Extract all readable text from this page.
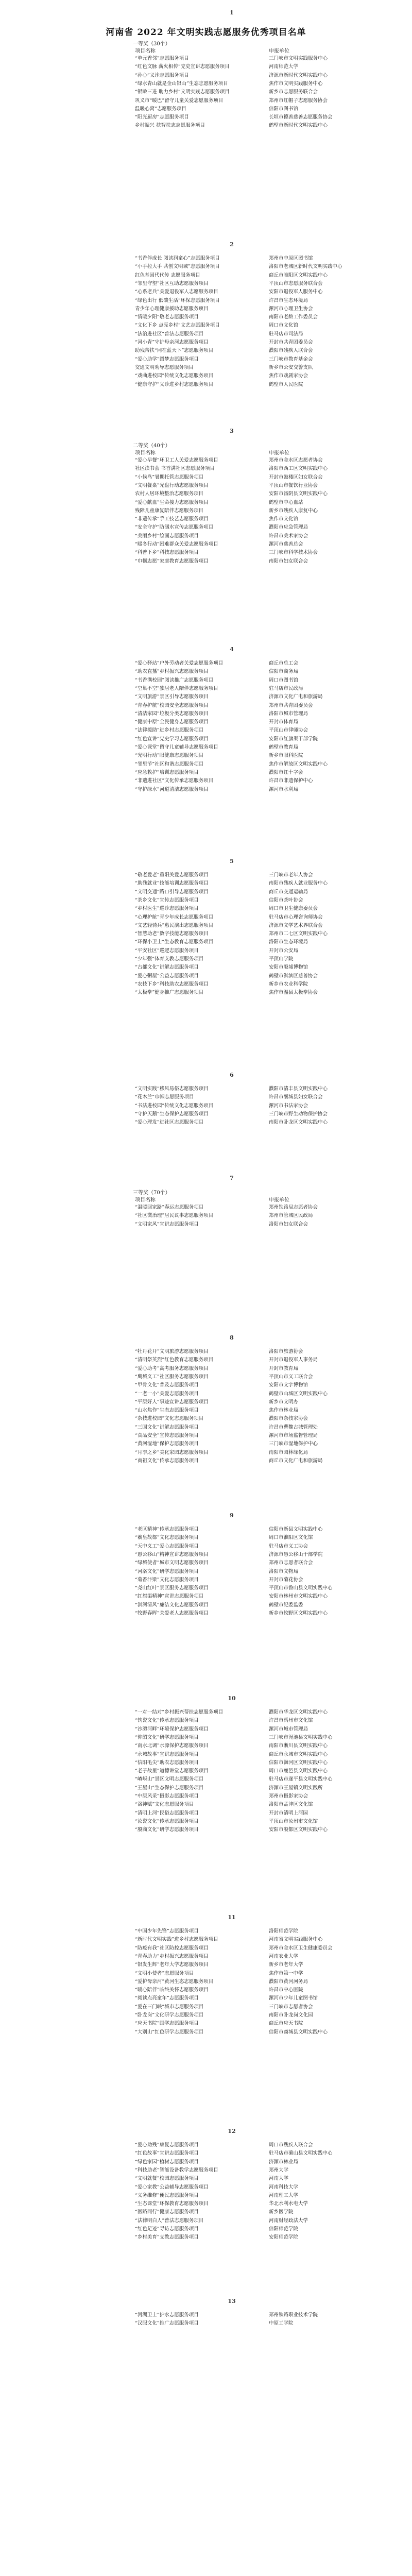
1
河南省 2022 年文明实践志愿服务优秀项目名单
一等奖（30个）
项目名称	申报单位
“单元香邻”志愿服务项目	三门峡市文明实践服务中心
“红色文脉 薪火相传”党史宣讲志愿服务项目	河南师范大学
“孙心”义诊志愿服务项目	济源市新时代文明实践中心
“绿水青山就是金山银山”生态志愿服务项目	焦作市文明实践服务中心
“银龄三进 助力乡村”文明实践志愿服务项目	新乡市志愿服务联合会
巩义市“暖巴”留守儿童关爱志愿服务项目	郑州市红帽子志愿服务协会
温暖心窝”志愿服务项目	信阳市图书馆
“阳光厨房”志愿服务项目	长垣市德善慈善志愿服务协会
乡村振兴 扶智扶志志愿服务项目	鹤壁市新时代文明实践中心
2
“书香伴成长 阅读润童心”志愿服务项目	郑州市中原区图书馆
“小手拉大手 共创文明城”志愿服务项目	洛阳市老城区新时代文明实践中心
红色基因代代传 志愿服务项目	商丘市睢阳区文明实践中心
“邻里守望”社区互助志愿服务项目	平顶山市志愿服务联合会
“心系老兵”关爱退役军人志愿服务项目	安阳市退役军人服务中心
“绿色出行 低碳生活”环保志愿服务项目	许昌市生态环境局
青少年心理健康援助志愿服务项目	漯河市心理卫生协会
“情暖夕阳”敬老志愿服务项目	南阳市老龄工作委员会
“文化下乡 点亮乡村”文艺志愿服务项目	周口市文化馆
“法治进社区”普法志愿服务项目	驻马店市司法局
“河小青”守护母亲河志愿服务项目	开封市共青团委员会
助残帮扶“同在蓝天下”志愿服务项目	濮阳市残疾人联合会
“爱心助学”圆梦志愿服务项目	三门峡市教育基金会
交通文明劝导志愿服务项目	新乡市公安交警支队
“戏曲进校园”传统文化志愿服务项目	焦作市戏剧家协会
“健康守护”义诊进乡村志愿服务项目	鹤壁市人民医院
3
二等奖（40个）
项目名称	申报单位
“爱心早餐”环卫工人关爱志愿服务项目	郑州市金水区志愿者协会
社区读书会 书香满社区志愿服务项目	洛阳市西工区文明实践中心
“小候鸟”暑期托管志愿服务项目	开封市鼓楼区妇女联合会
“文明餐桌”光盘行动志愿服务项目	平顶山市餐饮行业协会
农村人居环境整治志愿服务项目	安阳市汤阴县文明实践中心
“爱心献血”生命接力志愿服务项目	鹤壁市中心血站
残障儿童康复陪伴志愿服务项目	新乡市残疾人康复中心
“非遗传承”手工技艺志愿服务项目	焦作市文化馆
“安全守护”防溺水宣传志愿服务项目	濮阳市应急管理局
“美丽乡村”绘画志愿服务项目	许昌市美术家协会
“暖冬行动”困难群众关爱志愿服务项目	漯河市慈善总会
“科普下乡”科技志愿服务项目	三门峡市科学技术协会
“巾帼志愿”家庭教育志愿服务项目	南阳市妇女联合会
4
“爱心驿站”户外劳动者关爱志愿服务项目	商丘市总工会
“助农直播”乡村振兴志愿服务项目	信阳市商务局
“书香满校园”阅读推广志愿服务项目	周口市图书馆
“空巢不空”独居老人陪伴志愿服务项目	驻马店市民政局
“文明旅游”景区引导志愿服务项目	济源市文化广电和旅游局
“青春护航”校园安全志愿服务项目	郑州市共青团委员会
“清洁家园”垃圾分类志愿服务项目	洛阳市城市管理局
“健康中原”全民健身志愿服务项目	开封市体育局
“法律援助”进乡村志愿服务项目	平顶山市律师协会
“红色宣讲”党史学习志愿服务项目	安阳市红旗渠干部学院
“爱心课堂”留守儿童辅导志愿服务项目	鹤壁市教育局
“光明行动”眼健康志愿服务项目	新乡市眼科医院
“邻里节”社区和谐志愿服务项目	焦作市解放区文明实践中心
“应急救护”培训志愿服务项目	濮阳市红十字会
“非遗进社区”文化传承志愿服务项目	许昌市非遗保护中心
“守护绿水”河道清洁志愿服务项目	漯河市水利局
5
“敬老爱老”重阳关爱志愿服务项目	三门峡市老年人协会
“助残就业”技能培训志愿服务项目	南阳市残疾人就业服务中心
“文明交通”路口引导志愿服务项目	商丘市交通运输局
“茶乡文化”宣传志愿服务项目	信阳市茶叶协会
“乡村医生”巡诊志愿服务项目	周口市卫生健康委员会
“心理护航”青少年成长志愿服务项目	驻马店市心理咨询师协会
“文艺轻骑兵”惠民演出志愿服务项目	济源市文学艺术界联合会
“智慧助老”数字技能志愿服务项目	郑州市二七区文明实践中心
“环保小卫士”生态教育志愿服务项目	洛阳市生态环境局
“平安社区”巡逻志愿服务项目	开封市公安局
“少年强”体育支教志愿服务项目	平顶山学院
“古都文化”讲解志愿服务项目	安阳市殷墟博物馆
“爱心粥屋”公益志愿服务项目	鹤壁市淇滨区慈善协会
“农技下乡”科技助农志愿服务项目	新乡市农业科学院
“太极拳”健身推广志愿服务项目	焦作市温县太极拳协会
6
“文明实践”移风易俗志愿服务项目	濮阳市清丰县文明实践中心
“花木兰”巾帼志愿服务项目	许昌市襄城县妇女联合会
“书法进校园”传统文化志愿服务项目	漯河市书法家协会
“守护天鹅”生态保护志愿服务项目	三门峡市野生动物保护协会
“爱心理发”进社区志愿服务项目	南阳市卧龙区文明实践中心
7
三等奖（70个）
项目名称	申报单位
“温暖回家路”春运志愿服务项目	郑州铁路局志愿者协会
“社区微治理”居民议事志愿服务项目	郑州市管城区民政局
“文明家风”宣讲志愿服务项目	洛阳市妇女联合会
8
“牡丹花开”文明旅游志愿服务项目	洛阳市旅游协会
“清明祭英烈”红色教育志愿服务项目	开封市退役军人事务局
“爱心助考”高考服务志愿服务项目	开封市教育局
“鹰城义工”社区服务志愿服务项目	平顶山市义工联合会
“甲骨文化”普及志愿服务项目	安阳市文字博物馆
“一老一小”关爱志愿服务项目	鹤壁市山城区文明实践中心
“平原好人”事迹宣讲志愿服务项目	新乡市文明办
“山水焦作”生态志愿服务项目	焦作市林业局
“杂技进校园”文化志愿服务项目	濮阳市杂技家协会
“三国文化”讲解志愿服务项目	许昌市曹魏古城管理处
“食品安全”宣传志愿服务项目	漯河市市场监督管理局
“黄河湿地”保护志愿服务项目	三门峡市湿地保护中心
“月季之乡”美化家园志愿服务项目	南阳市园林绿化局
“商祖文化”传承志愿服务项目	商丘市文化广电和旅游局
9
“老区精神”传承志愿服务项目	信阳市新县文明实践中心
“羲皇故都”文化志愿服务项目	周口市淮阳区文化馆
“天中义工”爱心志愿服务项目	驻马店市义工协会
“愚公移山”精神宣讲志愿服务项目	济源市愚公移山干部学院
“绿城使者”城市文明志愿服务项目	郑州市志愿者联合会
“河洛文化”研学志愿服务项目	洛阳市文物局
“菊香汴梁”文化志愿服务项目	开封市菊花协会
“尧山红叶”景区服务志愿服务项目	平顶山市鲁山县文明实践中心
“红旗渠精神”宣讲志愿服务项目	安阳市林州市文明实践中心
“淇河清风”廉洁文化志愿服务项目	鹤壁市纪委监委
“牧野春晖”关爱老人志愿服务项目	新乡市牧野区文明实践中心
10
“一对一结对”乡村振兴帮扶志愿服务项目	濮阳市华龙区文明实践中心
“钧瓷文化”传承志愿服务项目	许昌市禹州市文化馆
“沙澧河畔”环境保护志愿服务项目	漯河市城市管理局
“仰韶文化”研学志愿服务项目	三门峡市渑池县文明实践中心
“南水北调”水源保护志愿服务项目	南阳市淅川县文明实践中心
“永城故事”宣讲志愿服务项目	商丘市永城市文明实践中心
“信阳毛尖”助农志愿服务项目	信阳市浉河区文明实践中心
“老子故里”道德讲堂志愿服务项目	周口市鹿邑县文明实践中心
“嵖岈山”景区文明志愿服务项目	驻马店市遂平县文明实践中心
“王屋山”生态保护志愿服务项目	济源市王屋镇文明实践所
“中原风采”摄影志愿服务项目	郑州市摄影家协会
“洛神赋”文化志愿服务项目	洛阳市孟津区文化馆
“清明上河”民俗志愿服务项目	开封市清明上河园
“汝瓷文化”传承志愿服务项目	平顶山市汝州市文化馆
“殷商文化”研学志愿服务项目	安阳市殷都区文明实践中心
11
“中国少年先锋”志愿服务项目	洛阳师范学院
“新时代文明实践”进乡村志愿服务项目	河南省文明实践服务中心
“防疫有我”社区防控志愿服务项目	郑州市金水区卫生健康委员会
“青春助力”乡村振兴志愿服务项目	河南农业大学
“银发生辉”老年大学志愿服务项目	新乡市老年大学
“文明小使者”志愿服务项目	焦作市第一中学
“爱护母亲河”黄河生态志愿服务项目	濮阳市黄河河务局
“暖心陪伴”临终关怀志愿服务项目	许昌市中心医院
“阅读点亮童年”志愿服务项目	漯河市少年儿童图书馆
“爱在三门峡”城市志愿服务项目	三门峡市志愿者协会
“卧龙岗”文化研学志愿服务项目	南阳市卧龙岗文化园
“应天书院”国学志愿服务项目	商丘市应天书院
“大别山”红色研学志愿服务项目	信阳市商城县文明实践中心
12
“爱心助残”康复志愿服务项目	周口市残疾人联合会
“红色故事”宣讲志愿服务项目	驻马店市确山县文明实践中心
“绿色家园”植树志愿服务项目	济源市林业局
“科技助老”智能设备教学志愿服务项目	郑州大学
“文明就餐”校园志愿服务项目	河南大学
“爱心家教”公益辅导志愿服务项目	河南科技大学
“义务维修”便民志愿服务项目	河南理工大学
“生态课堂”环保教育志愿服务项目	华北水利水电大学
“医路同行”健康志愿服务项目	新乡医学院
“法律明白人”普法志愿服务项目	河南财经政法大学
“红色足迹”寻访志愿服务项目	信阳师范学院
“乡村美育”支教志愿服务项目	安阳师范学院
13
“河湖卫士”护水志愿服务项目	郑州铁路职业技术学院
“汉服文化”推广志愿服务项目	中原工学院
